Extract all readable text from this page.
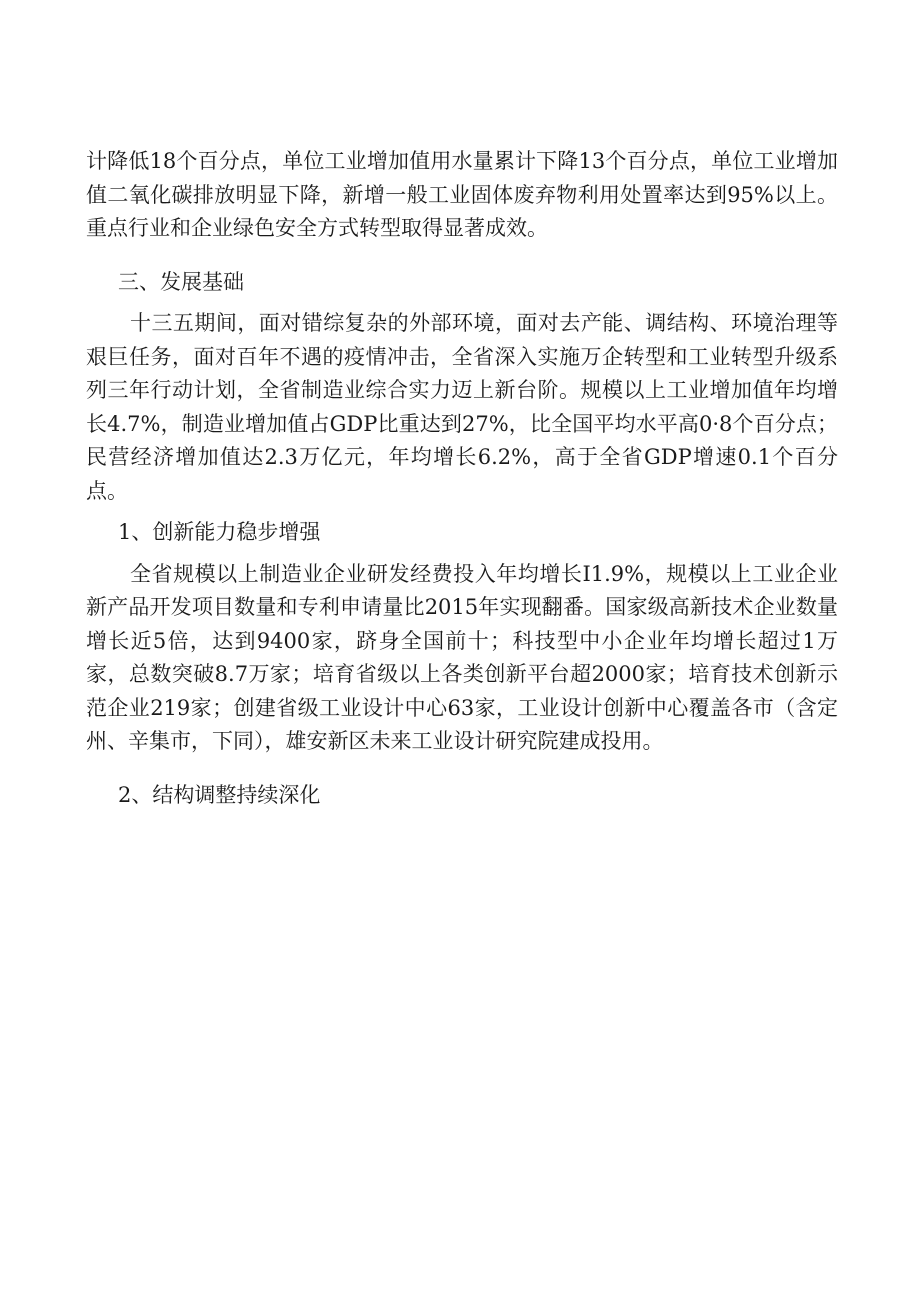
计降低18个百分点，单位工业增加值用水量累计下降13个百分点，单位工业增加值二氧化碳排放明显下降，新增一般工业固体废弃物利用处置率达到95%以上。重点行业和企业绿色安全方式转型取得显著成效。

三、发展基础

十三五期间，面对错综复杂的外部环境，面对去产能、调结构、环境治理等艰巨任务，面对百年不遇的疫情冲击，全省深入实施万企转型和工业转型升级系列三年行动计划，全省制造业综合实力迈上新台阶。规模以上工业增加值年均增长4.7%，制造业增加值占GDP比重达到27%，比全国平均水平高0·8个百分点；民营经济增加值达2.3万亿元，年均增长6.2%，高于全省GDP增速0.1个百分点。

1、创新能力稳步增强

全省规模以上制造业企业研发经费投入年均增长I1.9%，规模以上工业企业新产品开发项目数量和专利申请量比2015年实现翻番。国家级高新技术企业数量增长近5倍，达到9400家，跻身全国前十；科技型中小企业年均增长超过1万家，总数突破8.7万家；培育省级以上各类创新平台超2000家；培育技术创新示范企业219家；创建省级工业设计中心63家，工业设计创新中心覆盖各市（含定州、辛集市，下同），雄安新区未来工业设计研究院建成投用。

2、结构调整持续深化
